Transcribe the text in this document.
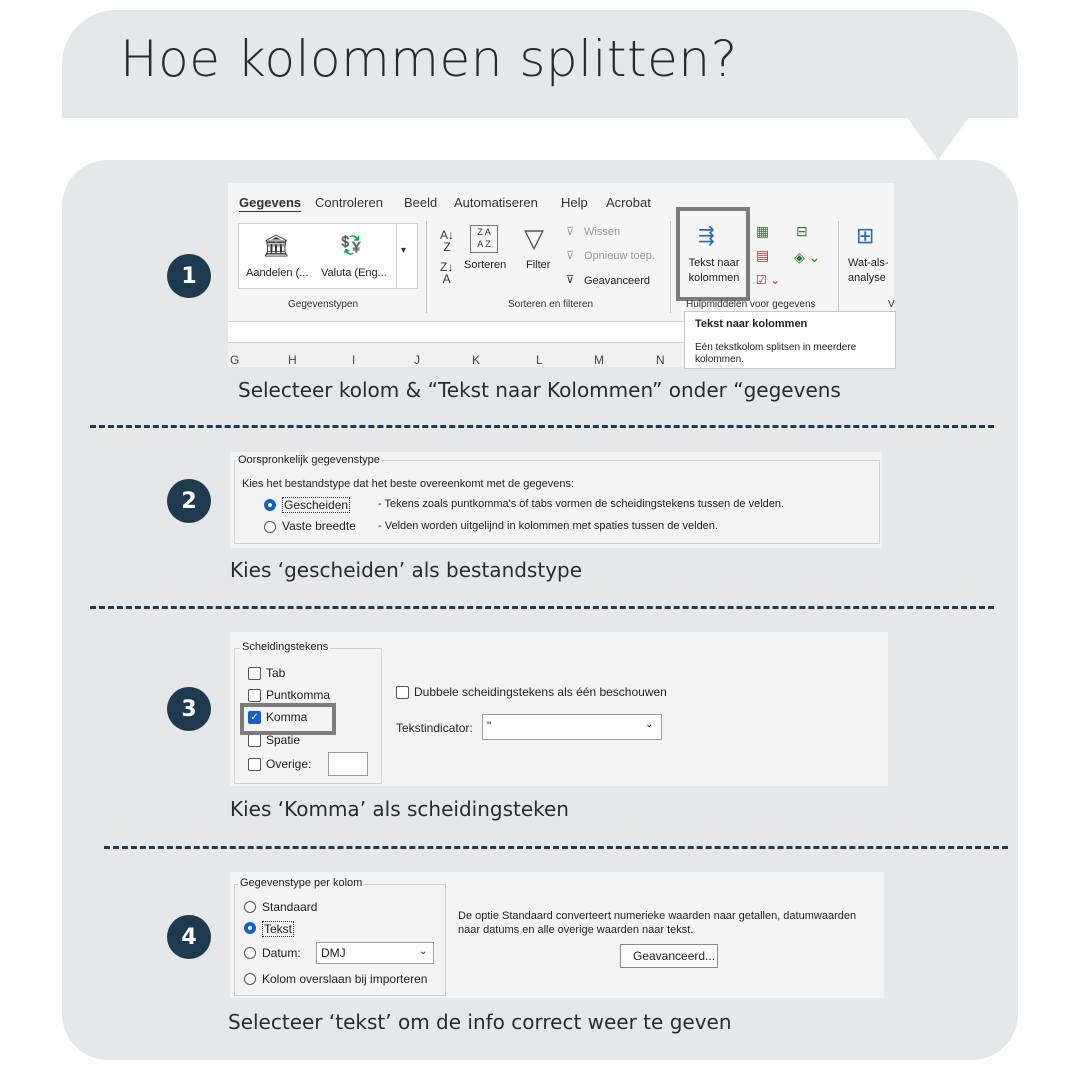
Hoe kolommen splitten?
1
Gegevens Controleren Beeld Automatiseren Help Acrobat
🏛
Aandelen (...
💱
Valuta (Eng...
▾
Gegevenstypen
A↓
Z
Z↓
A
Z A
A Z
Sorteren
▽
Filter
⊽ Wissen
⊽ Opnieuw toep.
⊽ Geavanceerd
Sorteren en filteren
⇶
Tekst naar
kolommen
▦
▤
☑ ⌄
⊟
◈ ⌄
Hulpmiddelen voor gegevens
⊞
Wat-als-
analyse
V
G	H	I	J	K	L	M	N
Tekst naar kolommen
Eén tekstkolom splitsen in meerdere
kolommen.
Selecteer kolom & “Tekst naar Kolommen” onder “gegevens
2
Oorspronkelijk gegevenstype
Kies het bestandstype dat het beste overeenkomt met de gegevens:
Gescheiden	- Tekens zoals puntkomma's of tabs vormen de scheidingstekens tussen de velden.
Vaste breedte - Velden worden uitgelijnd in kolommen met spaties tussen de velden.
Kies ‘gescheiden’ als bestandstype
3
Scheidingstekens
Tab
Puntkomma
✓ Komma
Spatie
Overige:
Dubbele scheidingstekens als één beschouwen
Tekstindicator: "	⌄
Kies ‘Komma’ als scheidingsteken
4
Gegevenstype per kolom
Standaard
Tekst
Datum: DMJ	⌄
Kolom overslaan bij importeren
De optie Standaard converteert numerieke waarden naar getallen, datumwaarden
naar datums en alle overige waarden naar tekst.
Geavanceerd...
Selecteer ‘tekst’ om de info correct weer te geven
